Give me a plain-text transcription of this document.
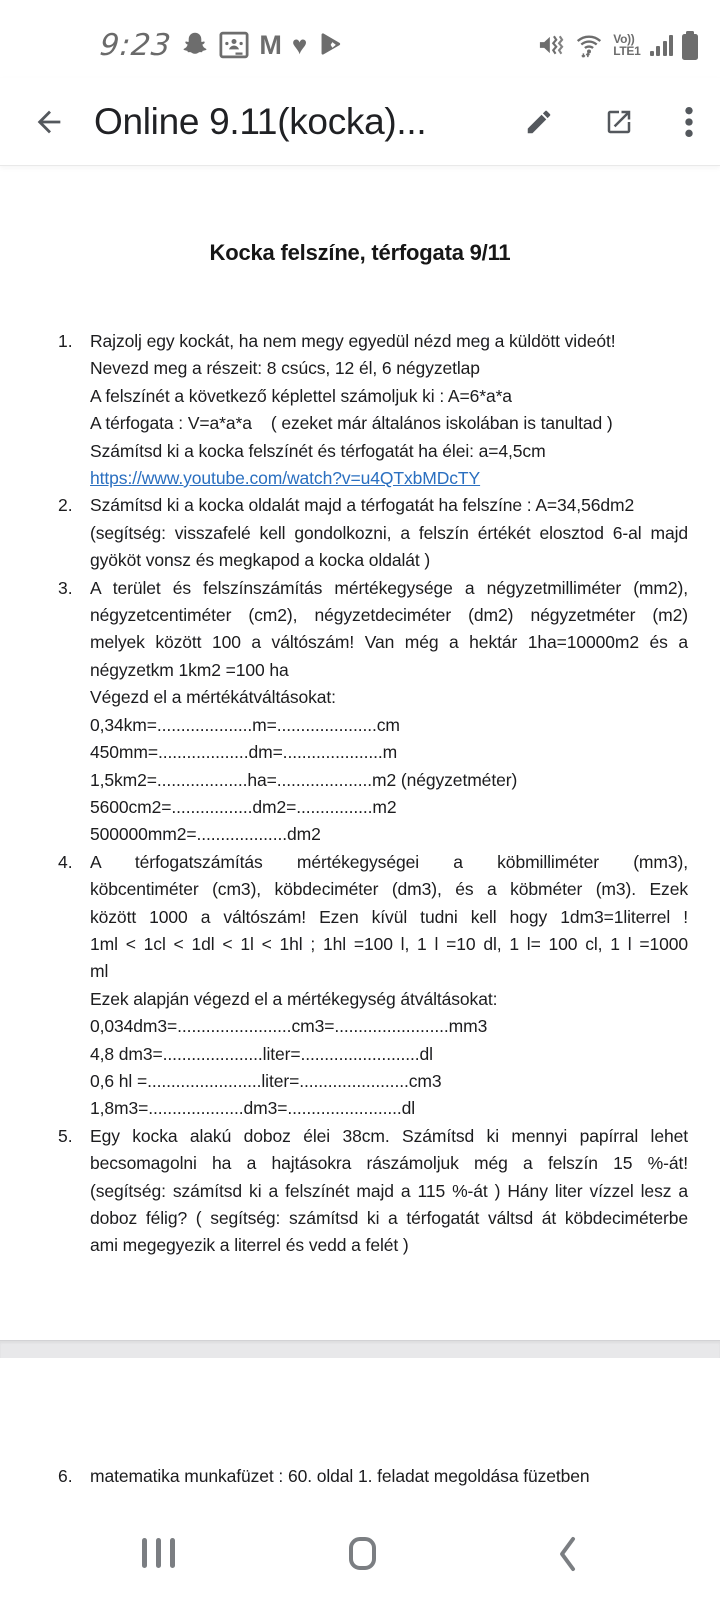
9:23	M ♥	Vo))
LTE1
Online 9.11(kocka)...
Kocka felszíne, térfogata 9/11
1. Rajzolj egy kockát, ha nem megy egyedül nézd meg a küldött videót!
Nevezd meg a részeit: 8 csúcs, 12 él, 6 négyzetlap
A felszínét a következő képlettel számoljuk ki : A=6*a*a
A térfogata : V=a*a*a    ( ezeket már általános iskolában is tanultad )
Számítsd ki a kocka felszínét és térfogatát ha élei: a=4,5cm
https://www.youtube.com/watch?v=u4QTxbMDcTY
2. Számítsd ki a kocka oldalát majd a térfogatát ha felszíne : A=34,56dm2
(segítség: visszafelé kell gondolkozni, a felszín értékét elosztod 6-al majd
gyököt vonsz és megkapod a kocka oldalát )
3. A terület és felszínszámítás mértékegysége a négyzetmilliméter (mm2),
négyzetcentiméter (cm2), négyzetdeciméter (dm2) négyzetméter (m2)
melyek között 100 a váltószám! Van még a hektár 1ha=10000m2 és a
négyzetkm 1km2 =100 ha
Végezd el a mértékátváltásokat:
0,34km=....................m=.....................cm
450mm=...................dm=.....................m
1,5km2=...................ha=....................m2 (négyzetméter)
5600cm2=.................dm2=................m2
500000mm2=...................dm2
4. A térfogatszámítás mértékegységei a köbmilliméter (mm3),
köbcentiméter (cm3), köbdeciméter (dm3), és a köbméter (m3). Ezek
között 1000 a váltószám! Ezen kívül tudni kell hogy 1dm3=1literrel !
1ml < 1cl < 1dl < 1l < 1hl ; 1hl =100 l, 1 l =10 dl, 1 l= 100 cl, 1 l =1000
ml
Ezek alapján végezd el a mértékegység átváltásokat:
0,034dm3=........................cm3=........................mm3
4,8 dm3=.....................liter=.........................dl
0,6 hl =........................liter=.......................cm3
1,8m3=....................dm3=........................dl
5. Egy kocka alakú doboz élei 38cm. Számítsd ki mennyi papírral lehet
becsomagolni ha a hajtásokra rászámoljuk még a felszín 15 %-át!
(segítség: számítsd ki a felszínét majd a 115 %-át ) Hány liter vízzel lesz a
doboz félig? ( segítség: számítsd ki a térfogatát váltsd át köbdeciméterbe
ami megegyezik a literrel és vedd a felét )
6. matematika munkafüzet : 60. oldal 1. feladat megoldása füzetben
